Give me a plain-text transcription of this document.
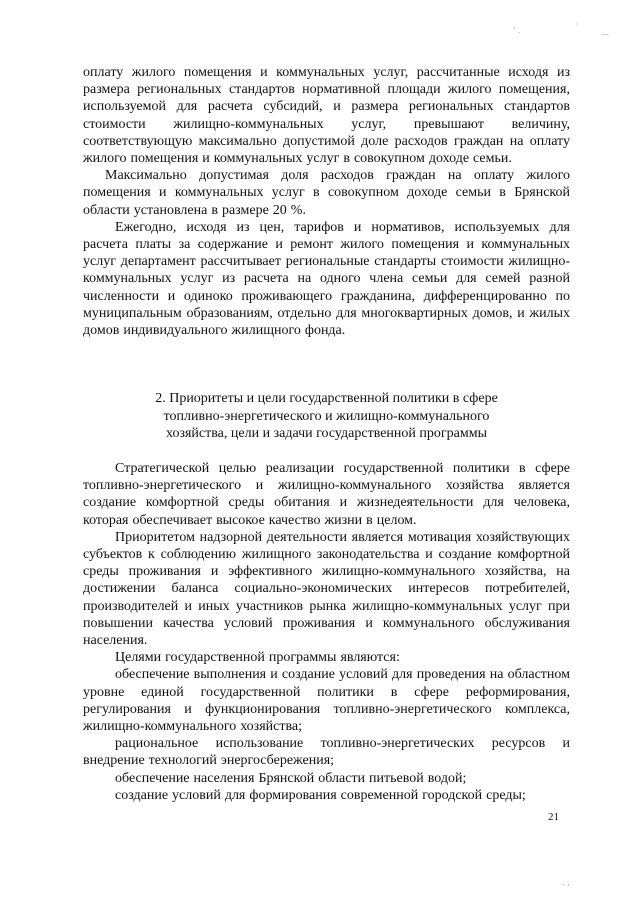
' .
·
—
. ,

оплату жилого помещения и коммунальных услуг, рассчитанные исходя из размера региональных стандартов нормативной площади жилого помещения, используемой для расчета субсидий, и размера региональных стандартов стоимости жилищно-коммунальных услуг, превышают величину, соответствующую максимально допустимой доле расходов граждан на оплату жилого помещения и коммунальных услуг в совокупном доходе семьи.

Максимально допустимая доля расходов граждан на оплату жилого помещения и коммунальных услуг в совокупном доходе семьи в Брянской области установлена в размере 20 %.

Ежегодно, исходя из цен, тарифов и нормативов, используемых для расчета платы за содержание и ремонт жилого помещения и коммунальных услуг департамент рассчитывает региональные стандарты стоимости жилищно-коммунальных услуг из расчета на одного члена семьи для семей разной численности и одиноко проживающего гражданина, дифференцированно по муниципальным образованиям, отдельно для многоквартирных домов, и жилых домов индивидуального жилищного фонда.

2. Приоритеты и цели государственной политики в сфере
топливно-энергетического и жилищно-коммунального
хозяйства, цели и задачи государственной программы

Стратегической целью реализации государственной политики в сфере топливно-энергетического и жилищно-коммунального хозяйства является создание комфортной среды обитания и жизнедеятельности для человека, которая обеспечивает высокое качество жизни в целом.

Приоритетом надзорной деятельности является мотивация хозяйствующих субъектов к соблюдению жилищного законодательства и создание комфортной среды проживания и эффективного жилищно-коммунального хозяйства, на достижении баланса социально-экономических интересов потребителей, производителей и иных участников рынка жилищно-коммунальных услуг при повышении качества условий проживания и коммунального обслуживания населения.

Целями государственной программы являются:

обеспечение выполнения и создание условий для проведения на областном уровне единой государственной политики в сфере реформирования, регулирования и функционирования топливно-энергетического комплекса, жилищно-коммунального хозяйства;

рациональное использование топливно-энергетических ресурсов и внедрение технологий энергосбережения;

обеспечение населения Брянской области питьевой водой;

создание условий для формирования современной городской среды;

21
